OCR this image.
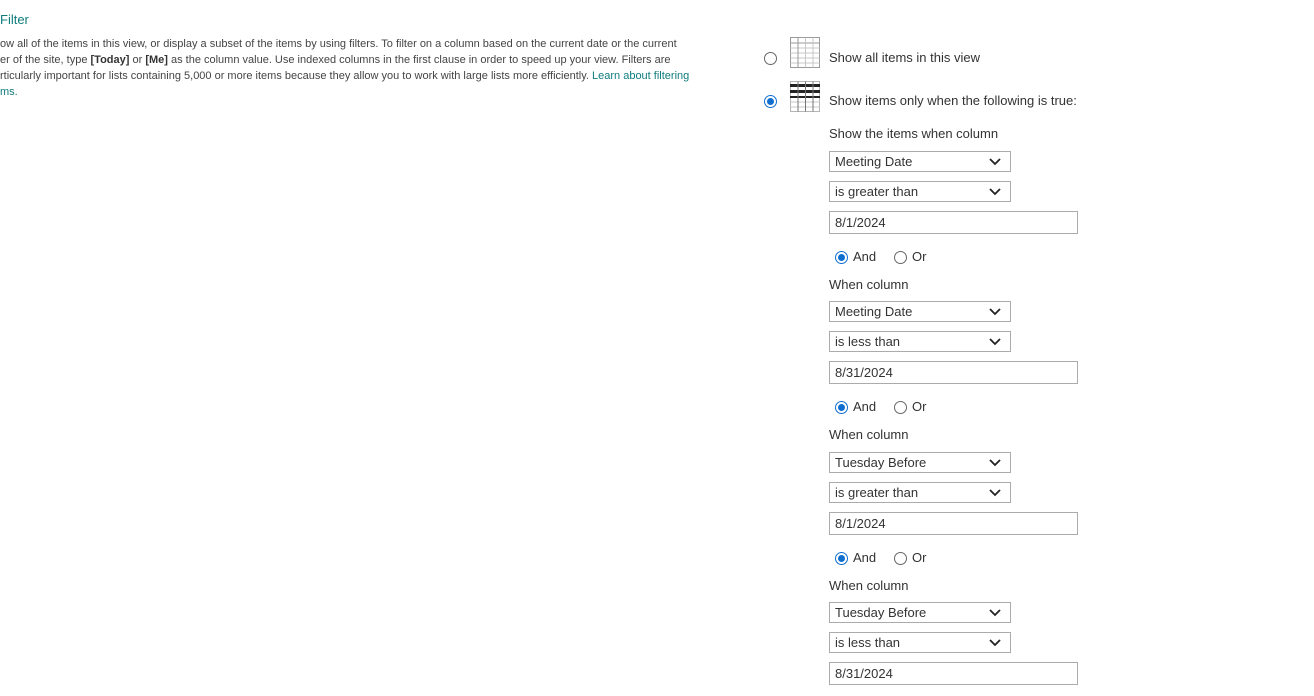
Filter
ow all of the items in this view, or display a subset of the items by using filters. To filter on a column based on the current date or the current
er of the site, type [Today] or [Me] as the column value. Use indexed columns in the first clause in order to speed up your view. Filters are
rticularly important for lists containing 5,000 or more items because they allow you to work with large lists more efficiently. Learn about filtering
ms.
Show all items in this view
Show items only when the following is true:
Show the items when column
Meeting Date
is greater than
8/1/2024
And	Or
When column
Meeting Date
is less than
8/31/2024
And	Or
When column
Tuesday Before
is greater than
8/1/2024
And	Or
When column
Tuesday Before
is less than
8/31/2024
